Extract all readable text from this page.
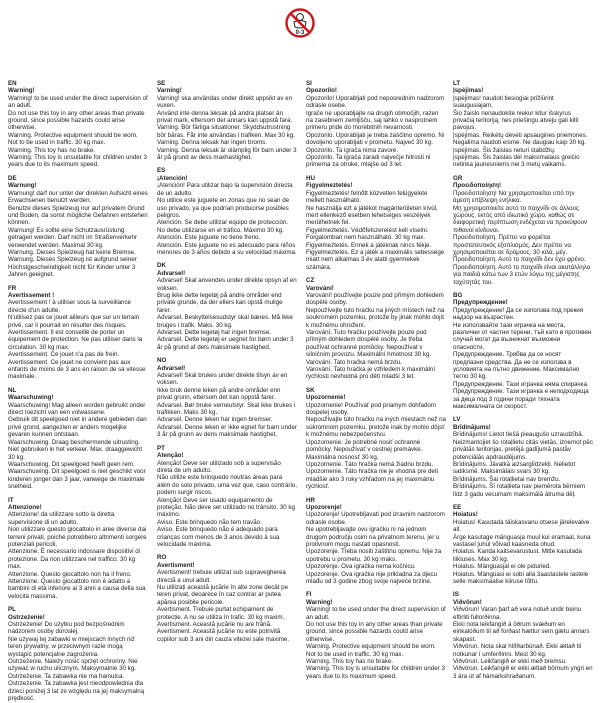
0-3
EN
Warning!

Warning! to be used under the direct supervision of an adult.
Do not use this toy in any other areas than private ground, since possible hazards could arise otherwise.
Warning. Protective equipment should be worn. Not to be used in traffic. 30 kg max.
Warning. This toy has no brake.
Warning. This toy is unsuitable for children under 3 years due to its maximum speed.

DE
Warnung!

Warnung! darf nur unter der direkten Aufsicht eines Erwachsenen benutzt werden.
Benutze dieses Spielzeug nur auf privatem Grund und Boden, da sonst mögliche Gefahren entstehen können.
Warnung! Es sollte eine Schutzausrüstung getragen werden. Darf nicht im Straßenverkehr verwendet werden. Maximal 30 kg.
Warnung. Dieses Spielzeug hat keine Bremse.
Warnung. Dieses Spielzeug ist aufgrund seiner Höchstgeschwindigkeit nicht für Kinder unter 3 Jahren geeignet.

FR
Avertissement !

Avertissement ! à utiliser sous la surveillance directe d'un adulte.
N'utilisez pas ce jouet ailleurs que sur un terrain privé, car il pourrait en résulter des risques.
Avertissement. Il est conseillé de porter un équipement de protection. Ne pas utiliser dans la circulation. 30 kg max.
Avertissement. Ce jouet n'a pas de frein.
Avertissement. Ce jouet ne convient pas aux enfants de moins de 3 ans en raison de sa vitesse maximale.

NL
Waarschuwing!

Waarschuwing! Mag alleen worden gebruikt onder direct toezicht van een volwassene.
Gebruik dit speelgoed niet in andere gebieden dan privé grond, aangezien er anders mogelijke gevaren kunnen ontstaan.
Waarschuwing. Draag beschermende uitrusting. Niet gebruiken in het verkeer. Max. draaggewicht 30 kg.
Waarschuwing. Dit speelgoed heeft geen rem.
Waarschuwing. Dit speelgoed is niet geschikt voor kinderen jonger dan 3 jaar, vanwege de maximale snelheid.

IT
Attenzione!

Attenzione! da utilizzare sotto la diretta supervisione di un adulto.
Non utilizzare questo giocattolo in aree diverse dai terreni privati, poiché potrebbero altrimenti sorgere potenziali pericoli.
Attenzione. È necessario indossare dispositivi di protezione. Da non utilizzare nel traffico. 30 kg max.
Attenzione. Questo giocattolo non ha il freno.
Attenzione. Questo giocattolo non è adatto a bambini di età inferiore ai 3 anni a causa della sua velocità massima.

PL
Ostrzeżenie!

Ostrzeżenie! Do użytku pod bezpośrednim nadzorem osoby dorosłej.
Nie używaj tej zabawki w miejscach innych niż teren prywatny, w przeciwnym razie mogą wystąpić potencjalne zagrożenia.
Ostrzeżenie. Należy nosić sprzęt ochronny. Nie używać w ruchu ulicznym. Maksymalnie 30 kg.
Ostrzeżenie. Ta zabawka nie ma hamulca.
Ostrzeżenie. Ta zabawka jest nieodpowiednia dla dzieci poniżej 3 lat ze względu na jej maksymalną prędkość.

SE
Varning!

Varning! ska användas under direkt uppsikt av en vuxen.
Använd inte denna leksak på andra platser än privat mark, eftersom det annars kan uppstå fara.
Varning. Bör färliga situationer. Skyddsutrustning bör bäras. Får inte användas i trafiken. Max 30 kg.
Varning. Denna leksak har ingen broms.
Varning. Denna leksak är olämplig för barn under 3 år på grund av dess maxhastighet.

ES
¡Atención!

¡Atención! Para utilizar bajo la supervisión directa de un adulto.
No utilice este juguete en zonas que no sean de uso privado, ya que podrían producirse posibles peligros.
Atención. Se debe utilizar equipo de protección. No debe utilizarse en el tráfico. Máximo 30 kg.
Atención. Este juguete no tiene freno.
Atención. Este juguete no es adecuado para niños menores de 3 años debido a su velocidad máxima.

DK
Advarsel!

Advarsel! Skal anvendes under direkte opsyn af en voksen.
Brug ikke dette legetøj på andre områder end private grunde, da der ellers kan opstå mulige farer.
Advarsel. Beskyttelsesudstyr skal bæres. Må ikke bruges i trafik. Maks. 30 kg.
Advarsel. Dette legetøj har ingen bremse.
Advarsel. Dette legetøj er uegnet for børn under 3 år på grund af dets maksimale hastighed.

NO
Advarsel!

Advarsel! Skal brukes under direkte tilsyn av en voksen.
Ikke bruk denne leken på andre områder enn privat grunn, ettersom det kan oppstå farer.
Advarsel. Bør bruke verneutstyr. Skal ikke brukes i trafikken. Maks 30 kg.
Advarsel. Denne leken har ingen bremser.
Advarsel. Denne leken er ikke egnet for barn under 3 år på grunn av dens maksimale hastighet.

PT
Atenção!

Atenção! Deve ser utilizado sob a supervisão direta de um adulto.
Não utilize este brinquedo noutras áreas para além do solo privado, uma vez que, caso contrário, podem surgir riscos.
Atenção! Deve ser usado equipamento de proteção. Não deve ser utilizado no trânsito. 30 kg máximo.
Aviso. Este brinquedo não tem travão.
Aviso. Este brinquedo não é adequado para crianças com menos de 3 anos devido à sua velocidade máxima.

RO
Avertisment!

Avertisment! trebuie utilizat sub supravegherea directă a unui adult.
Nu utilizați această jucărie în alte zone decât pe teren privat, deoarece în caz contrar ar putea apărea posibile pericole.
Avertisment. Trebuie purtat echipament de protecție. A nu se utiliza în trafic. 30 kg maxim.
Avertisment. Această jucărie nu are frână.
Avertisment. Această jucărie nu este potrivită copiilor sub 3 ani din cauza vitezei sale maxime.

SI
Opozorilo!

Opozorilo! Uporabljati pod neposrednim nadzorom odrasle osebe.
Igrače ne uporabljajte na drugih območjih, razen na zasebnem zemljišču, saj lahko v nasprotnem primeru pride do morebitnih nevarnosti.
Opozorilo. Uporabljati je treba zaščitno opremo. Ni dovoljeno uporabljati v prometu. Največ 30 kg.
Opozorilo. Ta igrača nima zavore.
Opozorilo. Ta igrača zaradi največje hitrosti ni primerna za otroke, mlajše od 3 let.

HU
Figyelmeztetés!

Figyelmeztetés! felnőtt közvetlen felügyelete mellett használható.
Ne használja ezt a játékot magánterületen kívül, mert ellenkező esetben lehetséges veszélyek merülhetnek fel.
Figyelmeztetés. Védőfelszerelést kell viselni. Forgalomban nem használható. 30 kg max.
Figyelmeztetés. Ennek a játéknak nincs fékje.
Figyelmeztetés. Ez a játék a maximális sebessége miatt nem alkalmas 3 év alatti gyermekek számára.

CZ
Varování!

Varování! používejte pouze pod přímým dohledem dospělé osoby.
Nepoužívejte tuto hračku na jiných místech než na soukromém pozemku, protože by jinak mohlo dojít k možnému ohrožení.
Varování. Tuto hračku používejte pouze pod přímým dohledem dospělé osoby. Je třeba používat ochranné pomůcky. Nepoužívat v silničním provozu. Maximální hmotnost 30 kg.
Varování. Tato hračka nemá brzdu.
Varování. Tato hračka je vzhledem k maximální rychlosti nevhodná pro děti mladší 3 let.

SK
Upozornenie!

Upozornenie! Používať pod priamym dohľadom dospelej osoby.
Nepoužívajte túto hračku na iných miestach než na súkromnom pozemku, pretože inak by mohlo dôjsť k možnému nebezpečenstvu.
Upozornenie. Je potrebné nosiť ochranné pomôcky. Nepoužívať v cestnej premávke. Maximálna nosnosť 30 kg.
Upozornenie. Táto hračka nemá žiadnu brzdu.
Upozornenie. Táto hračka nie je vhodná pre deti mladšie ako 3 roky vzhľadom na jej maximálnu rýchlosť.

HR
Upozorenje!

Upozorenje! Upotrebljavati pod izravnim nadzorom odrasle osobe.
Ne upotrebljavajte ovu igračku ni na jednom drugom području osim na privatnom terenu, jer u protivnom mogu nastati opasnosti.
Upozorenje. Treba nositi zaštitnu opremu. Nije za upotrebu u prometu. 30 kg maks.
Upozorenje. Ova igračka nema kočnicu.
Upozorenje. Ova igračka nije prikladna za djecu mlađu od 3 godine zbog svoje najveće brzine.

FI
Warning!

Warning! to be used under the direct supervision of an adult.
Do not use this toy in any other areas than private ground, since possible hazards could arise otherwise.
Warning. Protective equipment should be worn. Not to be used in traffic. 30 kg max.
Warning. This toy has no brake.
Warning. This toy is unsuitable for children under 3 years due to its maximum speed.

LT
Įspėjimas!

Įspėjimas! naudoti tiesiogiai prižiūrint suaugusiajam.
Šio žaislo nenaudokite niekur kitur išskyrus privačią teritoriją, nes priešingu atveju gali kilti pavojus.
Įspėjimas. Reikėtų dėvėti apsaugines priemones. Negalima naudoti eisme. Ne daugiau kaip 30 kg.
Įspėjimas. Šis žaislas neturi stabdžių.
Įspėjimas. Šis žaislas dėl maksimalaus greičio netinka jaunesniems nei 3 metų vaikams.

GR
Προειδοποίηση!

Προειδοποίηση! Να χρησιμοποιείται υπό την άμεση επίβλεψη ενήλικα.
Μη χρησιμοποιείτε αυτό το παιχνίδι σε άλλους χώρους, εκτός από ιδιωτικό χώρο, καθώς σε διαφορετική περίπτωση ενδέχεται να προκύψουν πιθανοί κίνδυνοι.
Προειδοποίηση. Πρέπει να φοριέται προστατευτικός εξοπλισμός. Δεν πρέπει να χρησιμοποιείται σε δρόμους. 30 κιλά, μέγ.
Προειδοποίηση. Αυτό το παιχνίδι δεν έχει φρένο.
Προειδοποίηση. Αυτό το παιχνίδι είναι ακατάλληλο για παιδιά κάτω των 3 ετών λόγω της μέγιστης ταχύτητάς του.

BG
Предупреждение!

Предупреждение! Да се използва под прекия надзор на възрастен.
Не използвайте тази играчка на места, различни от частни терени, тъй като в противен случай могат да възникнат възможни опасности.
Предупреждение. Трябва да се носят предпазни средства. Да не се използва в условията на пътно движение. Максимално тегло 30 kg.
Предупреждение. Тази играчка няма спирачка.
Предупреждение. Тази играчка е неподходяща за деца под 3 години поради тяхната максималната си скорост.

LV
Brīdinājums!

Brīdinājums! Lietot tiešā pieaugušo uzraudzībā.
Neizmantojiet šo rotaļlietu citās vietās, izņemot pēc privātās teritorijas, pretējā gadījumā pastāv potenciālās apdraudējums.
Brīdinājums. Jāvalkā aizsarglīdzekļi. Nelietot satiksmē. Maksimālais svars 30 kg.
Brīdinājums. Šai rotaļlietai nav bremžu.
Brīdinājums. Šī rotaļlieta nav piemērota bērniem līdz 3 gadu vecumam maksimālā ātruma dēļ.

EE
Hoiatus!

Hoiatus! Kasutada täiskasvanu otsese järelevalve all.
Ärge kasutage mänguasja muul kui eramaal, kuna vastasel juhul võivad kaasneda ohud.
Hoiatus. Kanda kaitsevarustust. Mitte kasutada liikluses. Max 30 kg.
Hoiatus. Mänguasjal ei ole piduried.
Hoiatus. Mänguasi ei sobi alla 3aastastele lastele selle maksimaalse kiiruse tõttu.

IS
Viðvörun!

Viðvörun! Varan þarf að vera notuð undir beinu eftirliti fullorðinna.
Ekki nota leikfangið á öðrum svæðum en einkalóðum til að forðast hættur sem gætu annars skapast.
Viðvörun. Nota skal hlífðarbúnað. Ekki ætlað til notkunar í umferðinni. Mest 30 kg.
Viðvörun. Leikfangið er ekki með bremsu.
Viðvörun. Leikfangið er ekki ætlað börnum yngri en 3 ára út af hámarkshraðanum.
